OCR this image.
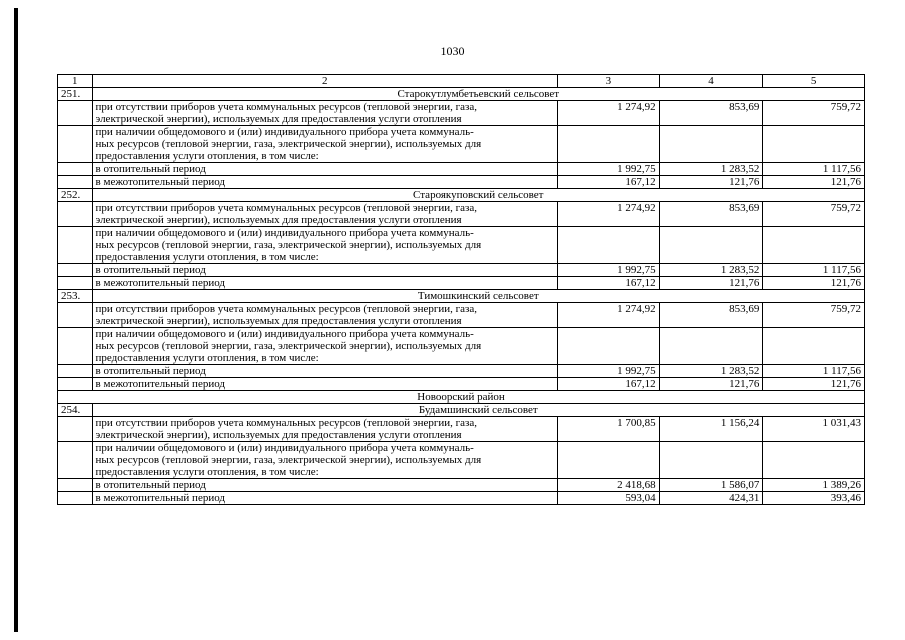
1030
1	2	3	4	5
251.	Старокутлумбетьевский сельсовет			

	при отсутствии приборов учета коммунальных ресурсов (тепловой энергии, газа,
электрической энергии), используемых для предоставления услуги отопления	1 274,92	853,69	759,72

	при наличии общедомового и (или) индивидуального прибора учета коммуналь-
ных ресурсов (тепловой энергии, газа, электрической энергии), используемых для
предоставления услуги отопления, в том числе:			

	в отопительный период	1 992,75	1 283,52	1 117,56

	в межотопительный период	167,12	121,76	121,76
252.	Староякуповский сельсовет			

	при отсутствии приборов учета коммунальных ресурсов (тепловой энергии, газа,
электрической энергии), используемых для предоставления услуги отопления	1 274,92	853,69	759,72

	при наличии общедомового и (или) индивидуального прибора учета коммуналь-
ных ресурсов (тепловой энергии, газа, электрической энергии), используемых для
предоставления услуги отопления, в том числе:			

	в отопительный период	1 992,75	1 283,52	1 117,56

	в межотопительный период	167,12	121,76	121,76
253.	Тимошкинский сельсовет			

	при отсутствии приборов учета коммунальных ресурсов (тепловой энергии, газа,
электрической энергии), используемых для предоставления услуги отопления	1 274,92	853,69	759,72

	при наличии общедомового и (или) индивидуального прибора учета коммуналь-
ных ресурсов (тепловой энергии, газа, электрической энергии), используемых для
предоставления услуги отопления, в том числе:			

	в отопительный период	1 992,75	1 283,52	1 117,56

	в межотопительный период	167,12	121,76	121,76
Новоорский район				
254.	Будамшинский сельсовет			

	при отсутствии приборов учета коммунальных ресурсов (тепловой энергии, газа,
электрической энергии), используемых для предоставления услуги отопления	1 700,85	1 156,24	1 031,43

	при наличии общедомового и (или) индивидуального прибора учета коммуналь-
ных ресурсов (тепловой энергии, газа, электрической энергии), используемых для
предоставления услуги отопления, в том числе:			

	в отопительный период	2 418,68	1 586,07	1 389,26

	в межотопительный период	593,04	424,31	393,46
